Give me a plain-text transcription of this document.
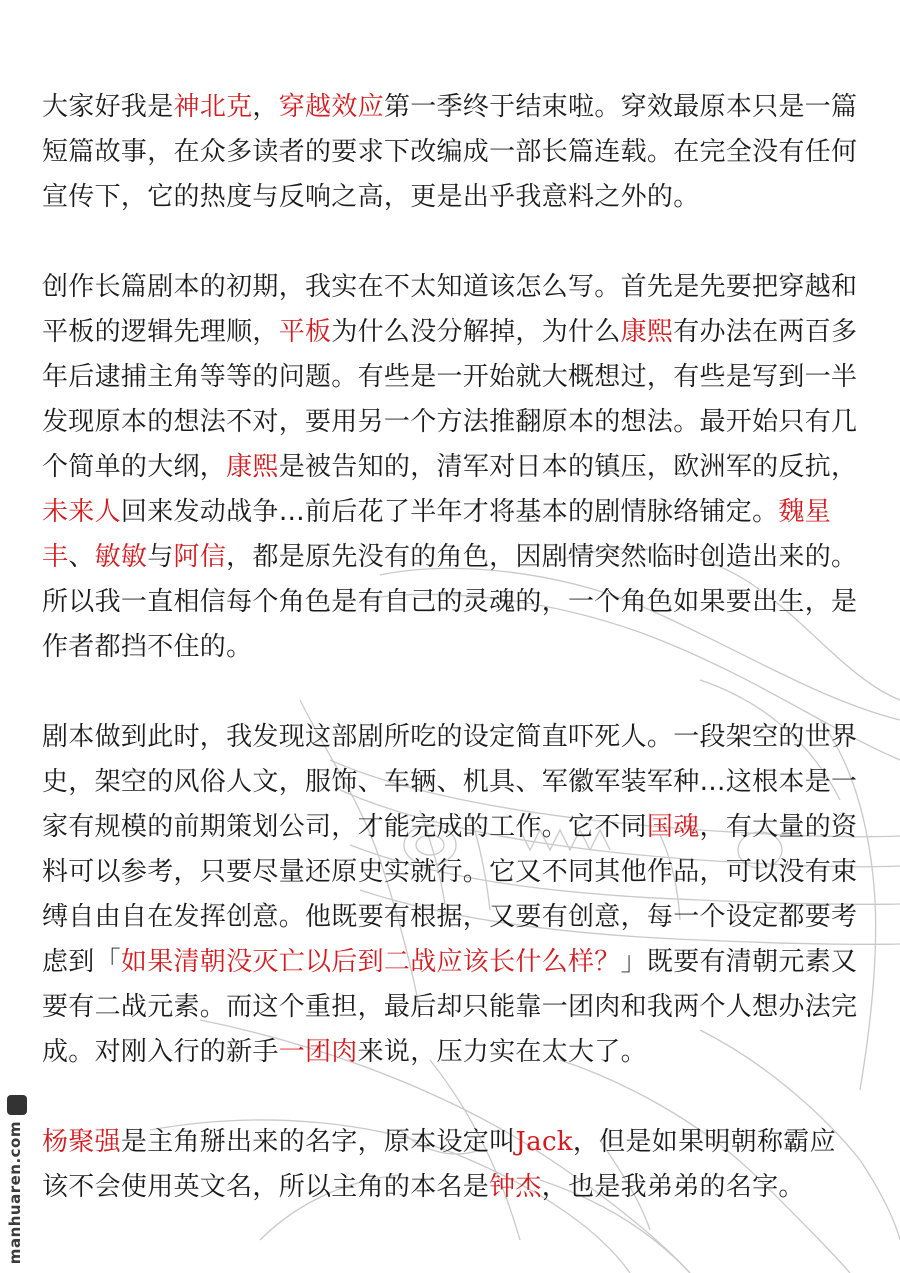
大家好我是神北克，穿越效应第一季终于结束啦。穿效最原本只是一篇短篇故事，在众多读者的要求下改编成一部长篇连载。在完全没有任何宣传下，它的热度与反响之高，更是出乎我意料之外的。

创作长篇剧本的初期，我实在不太知道该怎么写。首先是先要把穿越和平板的逻辑先理顺，平板为什么没分解掉，为什么康熙有办法在两百多年后逮捕主角等等的问题。有些是一开始就大概想过，有些是写到一半发现原本的想法不对，要用另一个方法推翻原本的想法。最开始只有几个简单的大纲，康熙是被告知的，清军对日本的镇压，欧洲军的反抗，未来人回来发动战争…前后花了半年才将基本的剧情脉络铺定。魏星丰、敏敏与阿信，都是原先没有的角色，因剧情突然临时创造出来的。所以我一直相信每个角色是有自己的灵魂的，一个角色如果要出生，是作者都挡不住的。

剧本做到此时，我发现这部剧所吃的设定简直吓死人。一段架空的世界史，架空的风俗人文，服饰、车辆、机具、军徽军装军种…这根本是一家有规模的前期策划公司，才能完成的工作。它不同国魂，有大量的资料可以参考，只要尽量还原史实就行。它又不同其他作品，可以没有束缚自由自在发挥创意。他既要有根据，又要有创意，每一个设定都要考虑到「如果清朝没灭亡以后到二战应该长什么样？」既要有清朝元素又要有二战元素。而这个重担，最后却只能靠一团肉和我两个人想办法完成。对刚入行的新手一团肉来说，压力实在太大了。

杨聚强是主角掰出来的名字，原本设定叫Jack，但是如果明朝称霸应该不会使用英文名，所以主角的本名是钟杰，也是我弟弟的名字。

manhuaren.com
